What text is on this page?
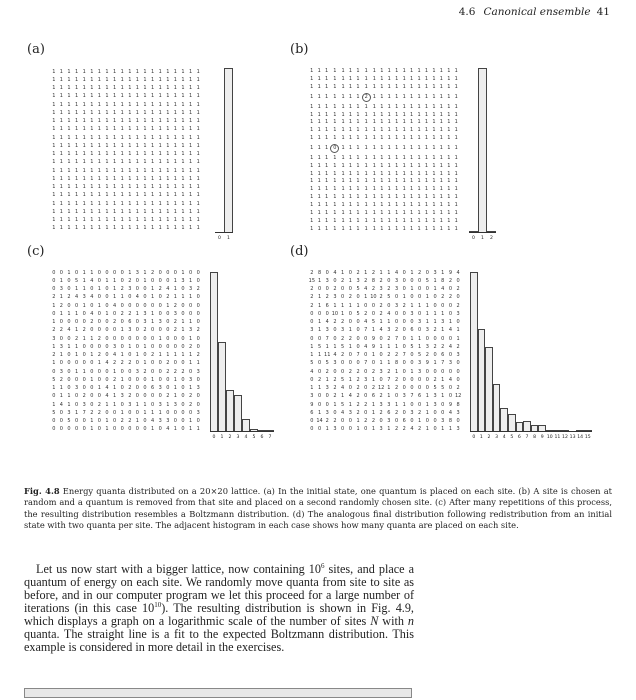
4.6 Canonical ensemble 41
(a)	(b)
(c)	(d)
1 1 1 1 1 1 1 1 1 1 1 1 1 1 1 1 1 1 1 1
1 1 1 1 1 1 1 1 1 1 1 1 1 1 1 1 1 1 1 1
1 1 1 1 1 1 1 1 1 1 1 1 1 1 1 1 1 1 1 1
1 1 1 1 1 1 1 1 1 1 1 1 1 1 1 1 1 1 1 1
1 1 1 1 1 1 1 1 1 1 1 1 1 1 1 1 1 1 1 1
1 1 1 1 1 1 1 1 1 1 1 1 1 1 1 1 1 1 1 1
1 1 1 1 1 1 1 1 1 1 1 1 1 1 1 1 1 1 1 1
1 1 1 1 1 1 1 1 1 1 1 1 1 1 1 1 1 1 1 1
1 1 1 1 1 1 1 1 1 1 1 1 1 1 1 1 1 1 1 1
1 1 1 1 1 1 1 1 1 1 1 1 1 1 1 1 1 1 1 1
1 1 1 1 1 1 1 1 1 1 1 1 1 1 1 1 1 1 1 1
1 1 1 1 1 1 1 1 1 1 1 1 1 1 1 1 1 1 1 1
1 1 1 1 1 1 1 1 1 1 1 1 1 1 1 1 1 1 1 1
1 1 1 1 1 1 1 1 1 1 1 1 1 1 1 1 1 1 1 1
1 1 1 1 1 1 1 1 1 1 1 1 1 1 1 1 1 1 1 1
1 1 1 1 1 1 1 1 1 1 1 1 1 1 1 1 1 1 1 1
1 1 1 1 1 1 1 1 1 1 1 1 1 1 1 1 1 1 1 1
1 1 1 1 1 1 1 1 1 1 1 1 1 1 1 1 1 1 1 1
1 1 1 1 1 1 1 1 1 1 1 1 1 1 1 1 1 1 1 1
1 1 1 1 1 1 1 1 1 1 1 1 1 1 1 1 1 1 1 1
1 1 1	1	1 1 1	1	1 1 1 1 1 1 1 1 1 1 1 1
1 1 1	1	1 1 1	1	1 1 1 1 1 1 1 1 1 1 1 1
1 1 1	1	1 1 1	1	1 1 1 1 1 1 1 1 1 1 1 1
1 1 1	1	1 1 1	2	1 1 1 1 1 1 1 1 1 1 1 1
1 1 1	1	1 1 1	1	1 1 1 1 1 1 1 1 1 1 1 1
1 1 1	1	1 1 1	1	1 1 1 1 1 1 1 1 1 1 1 1
1 1 1	1	1 1 1	1	1 1 1 1 1 1 1 1 1 1 1 1
1 1 1	1	1 1 1	1	1 1 1 1 1 1 1 1 1 1 1 1
1 1 1	1	1 1 1	1	1 1 1 1 1 1 1 1 1 1 1 1
1 1 1	0	1 1 1	1	1 1 1 1 1 1 1 1 1 1 1 1
1 1 1	1	1 1 1	1	1 1 1 1 1 1 1 1 1 1 1 1
1 1 1	1	1 1 1	1	1 1 1 1 1 1 1 1 1 1 1 1
1 1 1	1	1 1 1	1	1 1 1 1 1 1 1 1 1 1 1 1
1 1 1	1	1 1 1	1	1 1 1 1 1 1 1 1 1 1 1 1
1 1 1	1	1 1 1	1	1 1 1 1 1 1 1 1 1 1 1 1
1 1 1	1	1 1 1	1	1 1 1 1 1 1 1 1 1 1 1 1
1 1 1	1	1 1 1	1	1 1 1 1 1 1 1 1 1 1 1 1
1 1 1	1	1 1 1	1	1 1 1 1 1 1 1 1 1 1 1 1
1 1 1	1	1 1 1	1	1 1 1 1 1 1 1 1 1 1 1 1
1 1 1	1	1 1 1	1	1 1 1 1 1 1 1 1 1 1 1 1
0 0 1 0 1 1 0 0 0 0 1 3 1 2 0 0 0 1 0 0
0 1 0 5 1 4 0 1 1 0 2 0 1 0 0 0 1 3 1 0
0 3 0 1 1 0 1 0 1 2 3 0 0 1 2 4 1 0 3 2
2 1 2 4 3 4 0 0 1 1 0 4 0 1 0 2 1 1 1 0
1 2 0 0 1 0 1 0 4 0 0 0 0 0 0 1 2 0 0 0
0 1 1 1 0 4 0 1 0 2 2 1 3 1 0 0 3 0 0 0
1 0 0 0 0 2 0 0 2 0 6 0 3 1 3 0 2 1 1 0
2 2 4 1 2 0 0 0 0 1 3 0 2 0 0 0 2 1 3 2
3 0 0 2 1 1 2 0 0 0 0 0 0 0 1 0 0 0 1 0
1 3 1 1 0 0 0 0 3 0 1 0 1 0 0 0 0 0 2 0
2 1 0 1 0 1 2 0 4 1 0 1 0 2 1 1 1 1 1 2
1 0 0 0 0 0 1 4 2 2 2 0 1 0 0 2 0 0 1 1
0 3 0 1 1 0 0 0 1 0 0 3 2 0 0 2 2 2 0 3
5 2 0 0 0 1 0 0 2 1 0 0 0 1 0 0 1 0 3 0
1 1 0 3 0 0 1 4 1 0 2 0 0 6 3 0 1 0 1 3
0 1 1 0 2 0 0 4 1 3 2 0 0 0 0 2 1 0 2 0
1 4 1 0 3 0 2 1 1 0 3 1 1 0 3 1 3 0 2 0
5 0 3 1 7 2 2 0 0 1 0 0 1 1 1 0 0 0 0 3
0 0 5 0 0 1 0 1 0 2 2 1 0 4 3 3 0 0 1 0
0 0 0 0 0 1 0 1 0 0 0 0 0 1 0 4 1 0 1 1
2 8 0 4 1 0 2 1 2 1 1 4 0 1 2 0 3 1 9 4
15 1 3 0 2 1 3 2 8 2 0 3 0 0 0 5 1 8 2 0
2 0 0 2 0 0 5 4 2 3 2 3 0 1 0 0 1 4 0 2
2 1 2 3 0 2 0 1 10 2 5 0 1 0 0 1 0 2 2 0
2 1 6 1 1 1 1 0 0 2 0 3 2 1 1 1 0 0 0 2
0 0 0 10 1 0 5 2 0 2 4 0 0 3 0 1 1 1 0 3
0 1 4 2 2 0 0 4 5 1 1 0 0 0 3 1 1 3 1 0
3 1 3 0 3 1 0 7 1 4 3 2 0 6 0 3 2 1 4 1
0 0 7 0 2 2 0 0 9 0 2 7 0 1 1 0 0 0 0 1
1 5 1 1 5 1 0 4 9 1 1 1 0 5 1 3 2 2 4 2
1 1 11 4 2 0 7 0 1 0 2 2 7 0 5 2 0 6 0 3
5 0 5 3 0 0 0 7 0 1 1 8 0 0 3 9 1 7 3 0
4 0 2 0 0 2 2 0 2 3 2 1 0 1 3 0 0 0 0 0
0 2 1 2 5 1 2 3 1 0 7 2 0 0 0 0 2 1 4 0
1 1 3 2 4 0 2 0 2 12 1 2 0 0 0 0 5 5 0 2
3 0 0 2 1 4 2 0 6 2 1 0 3 7 6 1 3 1 0 12
9 0 0 1 5 1 2 2 1 3 3 1 1 0 0 1 3 0 9 8
6 1 3 0 4 3 2 0 1 2 6 2 0 3 2 1 0 0 4 3
0 14 2 2 0 0 1 2 2 0 3 0 6 0 1 0 0 3 8 0
0 0 1 3 0 0 1 0 1 3 1 2 2 4 2 1 0 1 1 3
0	1	0	1	2
0	1	2	3	4	5	6	7	0	1	2	3	4	5	6	7	8	9 10 11 12 13 14 15
Fig. 4.8 Energy quanta distributed on a 20×20 lattice. (a) In the initial state, one quantum is placed on each site. (b) A site is chosen at random and a quantum is removed from that site and placed on a second randomly chosen site. (c) After many repetitions of this process, the resulting distribution resembles a Boltzmann distribution. (d) The analogous final distribution following redistribution from an initial state with two quanta per site. The adjacent histogram in each case shows how many quanta are placed on each site.
Let us now start with a bigger lattice, now containing $10^6$ sites, and place a quantum of energy on each site. We randomly move quanta from site to site as before, and in our computer program we let this proceed for a large number of iterations (in this case $10^{10}$). The resulting distribution is shown in Fig. 4.9, which displays a graph on a logarithmic scale of the number of sites N with n quanta. The straight line is a fit to the expected Boltzmann distribution. This example is considered in more detail in the exercises.
